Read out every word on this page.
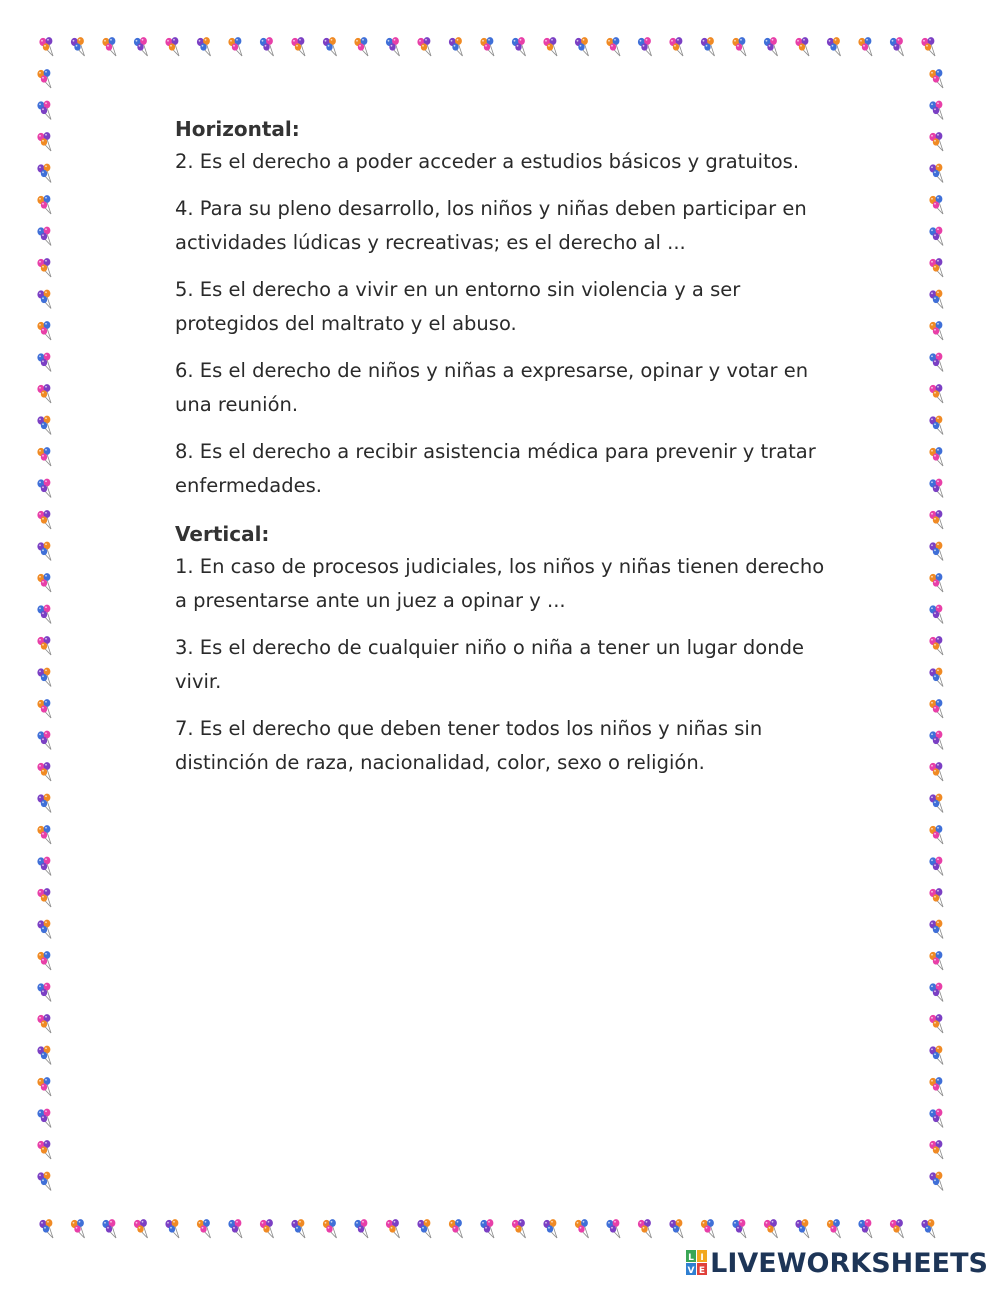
Horizontal:

2. Es el derecho a poder acceder a estudios básicos y gratuitos.

4. Para su pleno desarrollo, los niños y niñas deben participar en actividades lúdicas y recreativas; es el derecho al ...

5. Es el derecho a vivir en un entorno sin violencia y a ser protegidos del maltrato y el abuso.

6. Es el derecho de niños y niñas a expresarse, opinar y votar en una reunión.

8. Es el derecho a recibir asistencia médica para prevenir y tratar enfermedades.

Vertical:

1. En caso de procesos judiciales, los niños y niñas tienen derecho a presentarse ante un juez a opinar y ...

3. Es el derecho de cualquier niño o niña a tener un lugar donde vivir.

7. Es el derecho que deben tener todos los niños y niñas sin distinción de raza, nacionalidad, color, sexo o religión.

L I
V E LIVEWORKSHEETS
